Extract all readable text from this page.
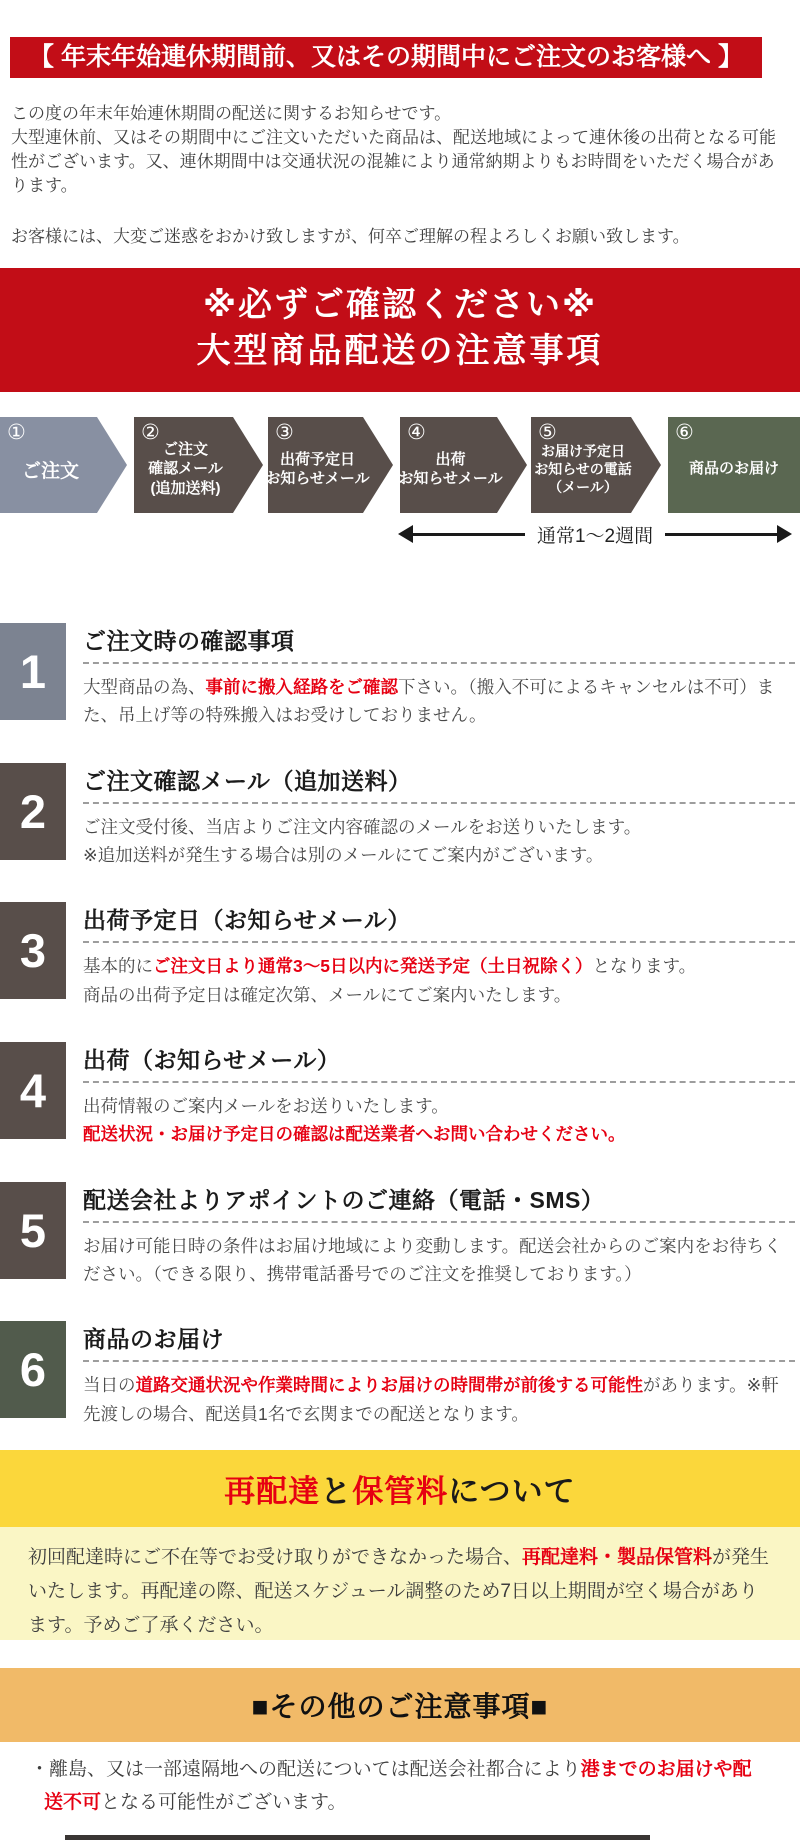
【 年末年始連休期間前、又はその期間中にご注文のお客様へ 】

この度の年末年始連休期間の配送に関するお知らせです。

大型連休前、又はその期間中にご注文いただいた商品は、配送地域によって連休後の出荷となる可能性がございます。又、連休期間中は交通状況の混雑により通常納期よりもお時間をいただく場合があります。

お客様には、大変ご迷惑をおかけ致しますが、何卒ご理解の程よろしくお願い致します。

※必ずご確認ください※
大型商品配送の注意事項
①
ご注文
②
ご注文
確認メール
(追加送料)
③
出荷予定日
お知らせメール
④
出荷
お知らせメール
⑤
お届け予定日
お知らせの電話
（メール）
⑥
商品のお届け
通常1〜2週間
1
ご注文時の確認事項

大型商品の為、事前に搬入経路をご確認下さい。（搬入不可によるキャンセルは不可）また、吊上げ等の特殊搬入はお受けしておりません。

2
ご注文確認メール（追加送料）

ご注文受付後、当店よりご注文内容確認のメールをお送りいたします。

※追加送料が発生する場合は別のメールにてご案内がございます。

3
出荷予定日（お知らせメール）

基本的にご注文日より通常3〜5日以内に発送予定（土日祝除く）となります。

商品の出荷予定日は確定次第、メールにてご案内いたします。

4
出荷（お知らせメール）

出荷情報のご案内メールをお送りいたします。

配送状況・お届け予定日の確認は配送業者へお問い合わせください。

5
配送会社よりアポイントのご連絡（電話・SMS）

お届け可能日時の条件はお届け地域により変動します。配送会社からのご案内をお待ちください。（できる限り、携帯電話番号でのご注文を推奨しております。）

6
商品のお届け

当日の道路交通状況や作業時間によりお届けの時間帯が前後する可能性があります。※軒先渡しの場合、配送員1名で玄関までの配送となります。

再配達 と 保管料 について

初回配達時にご不在等でお受け取りができなかった場合、再配達料・製品保管料が発生いたします。再配達の際、配送スケジュール調整のため7日以上期間が空く場合があります。予めご了承ください。

■その他のご注意事項■

・離島、又は一部遠隔地への配送については配送会社都合により港までのお届けや配送不可となる可能性がございます。
